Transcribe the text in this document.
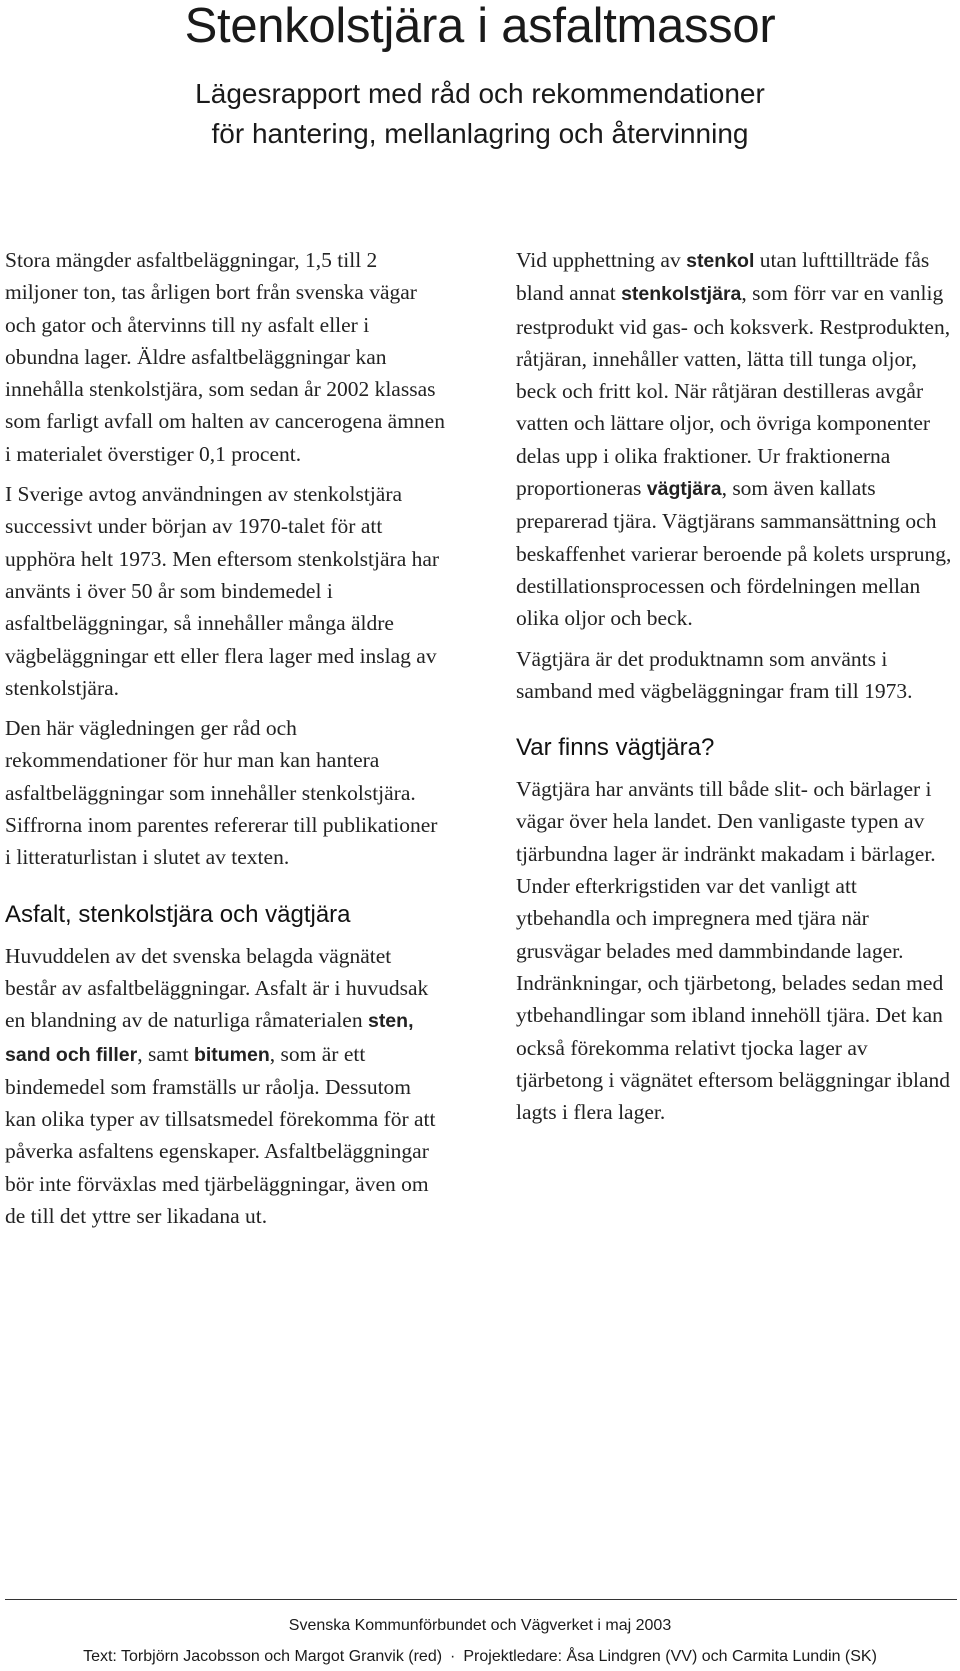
Stenkolstjära i asfaltmassor
Lägesrapport med råd och rekommendationer
för hantering, mellanlagring och återvinning

Stora mängder asfaltbeläggningar, 1,5 till 2 miljoner ton, tas årligen bort från svenska vägar och gator och återvinns till ny asfalt eller i obundna lager. Äldre asfaltbeläggningar kan innehålla stenkolstjära, som sedan år 2002 klassas som farligt avfall om halten av cancerogena ämnen i materialet överstiger 0,1 procent.

I Sverige avtog användningen av stenkolstjära successivt under början av 1970-talet för att upphöra helt 1973. Men eftersom stenkolstjära har använts i över 50 år som bindemedel i asfaltbeläggningar, så innehåller många äldre vägbeläggningar ett eller flera lager med inslag av stenkolstjära.

Den här vägledningen ger råd och rekommendationer för hur man kan hantera asfaltbeläggningar som innehåller stenkolstjära. Siffrorna inom parentes refererar till publikationer i litteraturlistan i slutet av texten.

Asfalt, stenkolstjära och vägtjära

Huvuddelen av det svenska belagda vägnätet består av asfaltbeläggningar. Asfalt är i huvudsak en blandning av de naturliga råmaterialen sten, sand och filler, samt bitumen, som är ett bindemedel som framställs ur råolja. Dessutom kan olika typer av tillsatsmedel förekomma för att påverka asfaltens egenskaper. Asfaltbeläggningar bör inte förväxlas med tjärbeläggningar, även om de till det yttre ser likadana ut.

Vid upphettning av stenkol utan lufttillträde fås bland annat stenkolstjära, som förr var en vanlig restprodukt vid gas- och koksverk. Restprodukten, råtjäran, innehåller vatten, lätta till tunga oljor, beck och fritt kol. När råtjäran destilleras avgår vatten och lättare oljor, och övriga komponenter delas upp i olika fraktioner. Ur fraktionerna proportioneras vägtjära, som även kallats preparerad tjära. Vägtjärans sammansättning och beskaffenhet varierar beroende på kolets ursprung, destillationsprocessen och fördelningen mellan olika oljor och beck.

Vägtjära är det produktnamn som använts i samband med vägbeläggningar fram till 1973.

Var finns vägtjära?

Vägtjära har använts till både slit- och bärlager i vägar över hela landet. Den vanligaste typen av tjärbundna lager är indränkt makadam i bärlager. Under efterkrigstiden var det vanligt att ytbehandla och impregnera med tjära när grusvägar belades med dammbindande lager. Indränkningar, och tjärbetong, belades sedan med ytbehandlingar som ibland innehöll tjära. Det kan också förekomma relativt tjocka lager av tjärbetong i vägnätet eftersom beläggningar ibland lagts i flera lager.

Svenska Kommunförbundet och Vägverket i maj 2003
Text: Torbjörn Jacobsson och Margot Granvik (red) · Projektledare: Åsa Lindgren (VV) och Carmita Lundin (SK)
